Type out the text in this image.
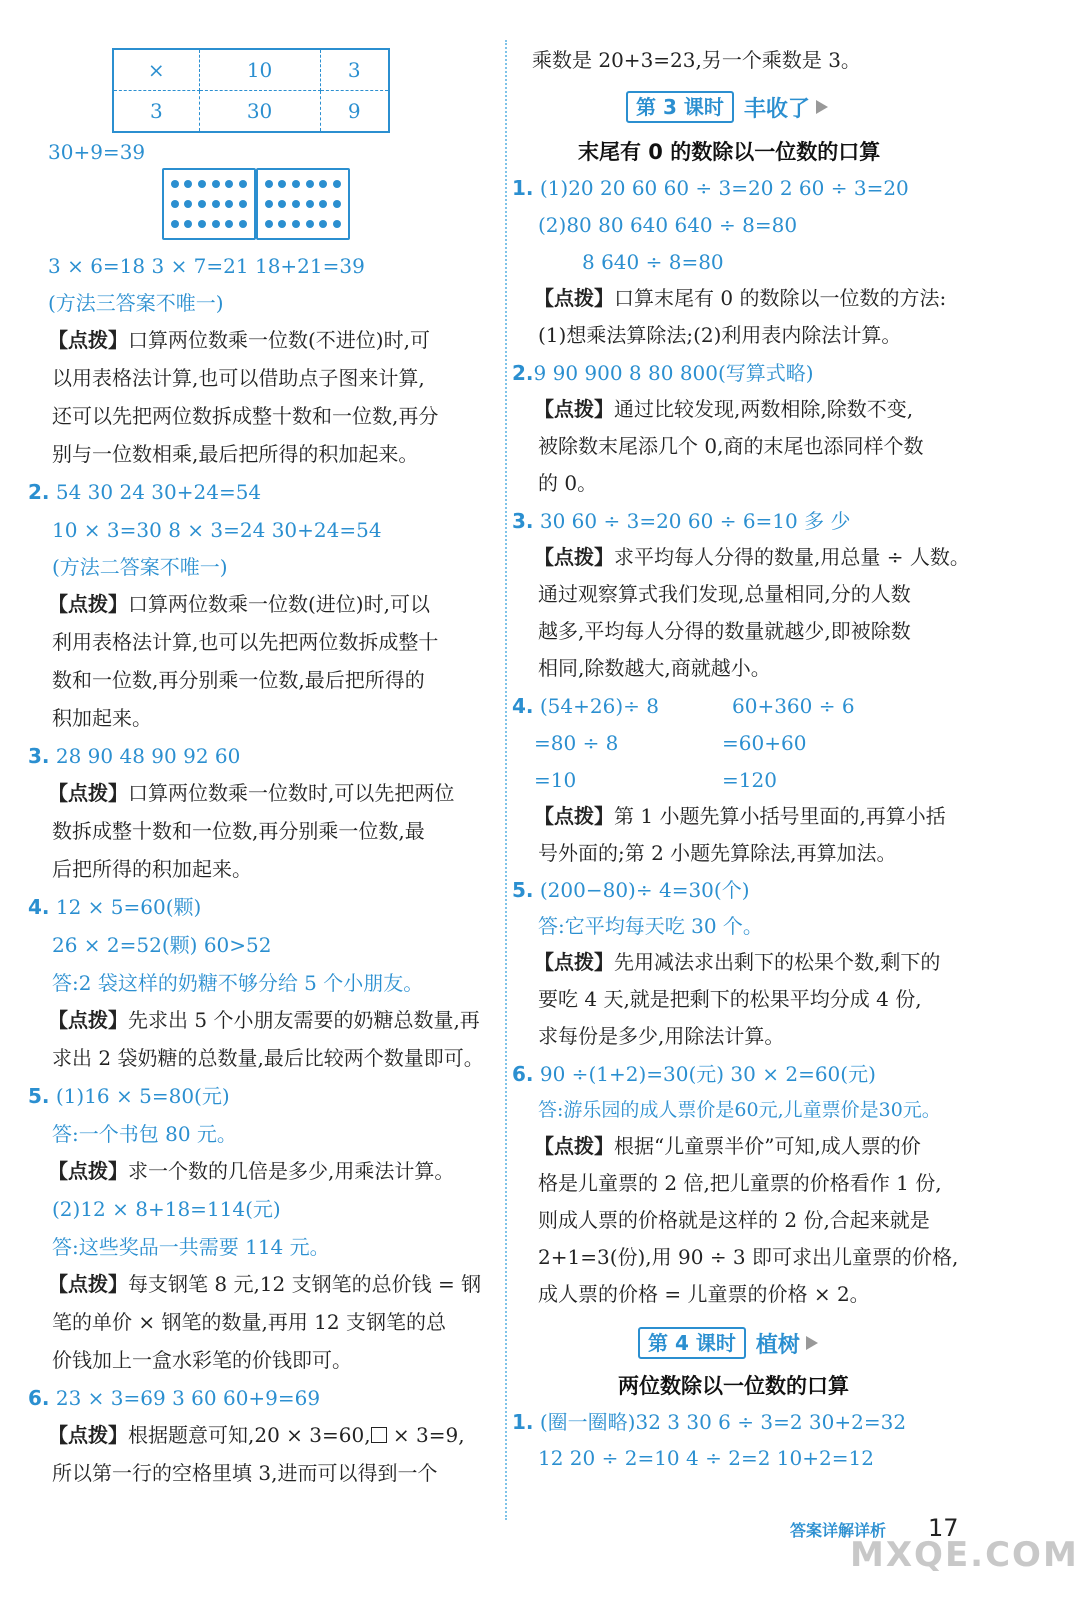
×	10	3
3	30	9
30+9=39
3 × 6=18 3 × 7=21 18+21=39
(方法三答案不唯一)
【点拨】口算两位数乘一位数(不进位)时,可
以用表格法计算,也可以借助点子图来计算,
还可以先把两位数拆成整十数和一位数,再分
别与一位数相乘,最后把所得的积加起来。
2. 54 30 24 30+24=54
10 × 3=30 8 × 3=24 30+24=54
(方法二答案不唯一)
【点拨】口算两位数乘一位数(进位)时,可以
利用表格法计算,也可以先把两位数拆成整十
数和一位数,再分别乘一位数,最后把所得的
积加起来。
3. 28 90 48 90 92 60
【点拨】口算两位数乘一位数时,可以先把两位
数拆成整十数和一位数,再分别乘一位数,最
后把所得的积加起来。
4. 12 × 5=60(颗)
26 × 2=52(颗) 60>52
答:2 袋这样的奶糖不够分给 5 个小朋友。
【点拨】先求出 5 个小朋友需要的奶糖总数量,再
求出 2 袋奶糖的总数量,最后比较两个数量即可。
5. (1)16 × 5=80(元)
答:一个书包 80 元。
【点拨】求一个数的几倍是多少,用乘法计算。
(2)12 × 8+18=114(元)
答:这些奖品一共需要 114 元。
【点拨】每支钢笔 8 元,12 支钢笔的总价钱 = 钢
笔的单价 × 钢笔的数量,再用 12 支钢笔的总
价钱加上一盒水彩笔的价钱即可。
6. 23 × 3=69 3 60 60+9=69
【点拨】根据题意可知,20 × 3=60, × 3=9,
所以第一行的空格里填 3,进而可以得到一个
乘数是 20+3=23,另一个乘数是 3。
第 3 课时 丰收了
末尾有 0 的数除以一位数的口算
1. (1)20 20 60 60 ÷ 3=20 2 60 ÷ 3=20
(2)80 80 640 640 ÷ 8=80
8 640 ÷ 8=80
【点拨】口算末尾有 0 的数除以一位数的方法:
(1)想乘法算除法;(2)利用表内除法计算。
2.9 90 900 8 80 800(写算式略)
【点拨】通过比较发现,两数相除,除数不变,
被除数末尾添几个 0,商的末尾也添同样个数
的 0。
3. 30 60 ÷ 3=20 60 ÷ 6=10 多 少
【点拨】求平均每人分得的数量,用总量 ÷ 人数。
通过观察算式我们发现,总量相同,分的人数
越多,平均每人分得的数量就越少,即被除数
相同,除数越大,商就越小。
4. (54+26)÷ 8	60+360 ÷ 6
=80 ÷ 8	=60+60
=10	=120
【点拨】第 1 小题先算小括号里面的,再算小括
号外面的;第 2 小题先算除法,再算加法。
5. (200−80)÷ 4=30(个)
答:它平均每天吃 30 个。
【点拨】先用减法求出剩下的松果个数,剩下的
要吃 4 天,就是把剩下的松果平均分成 4 份,
求每份是多少,用除法计算。
6. 90 ÷(1+2)=30(元) 30 × 2=60(元)
答:游乐园的成人票价是60元,儿童票价是30元。
【点拨】根据“儿童票半价”可知,成人票的价
格是儿童票的 2 倍,把儿童票的价格看作 1 份,
则成人票的价格就是这样的 2 份,合起来就是
2+1=3(份),用 90 ÷ 3 即可求出儿童票的价格,
成人票的价格 = 儿童票的价格 × 2。
第 4 课时 植树
两位数除以一位数的口算
1. (圈一圈略)32 3 30 6 ÷ 3=2 30+2=32
12 20 ÷ 2=10 4 ÷ 2=2 10+2=12
答案详解详析 17
MXQE.COM
